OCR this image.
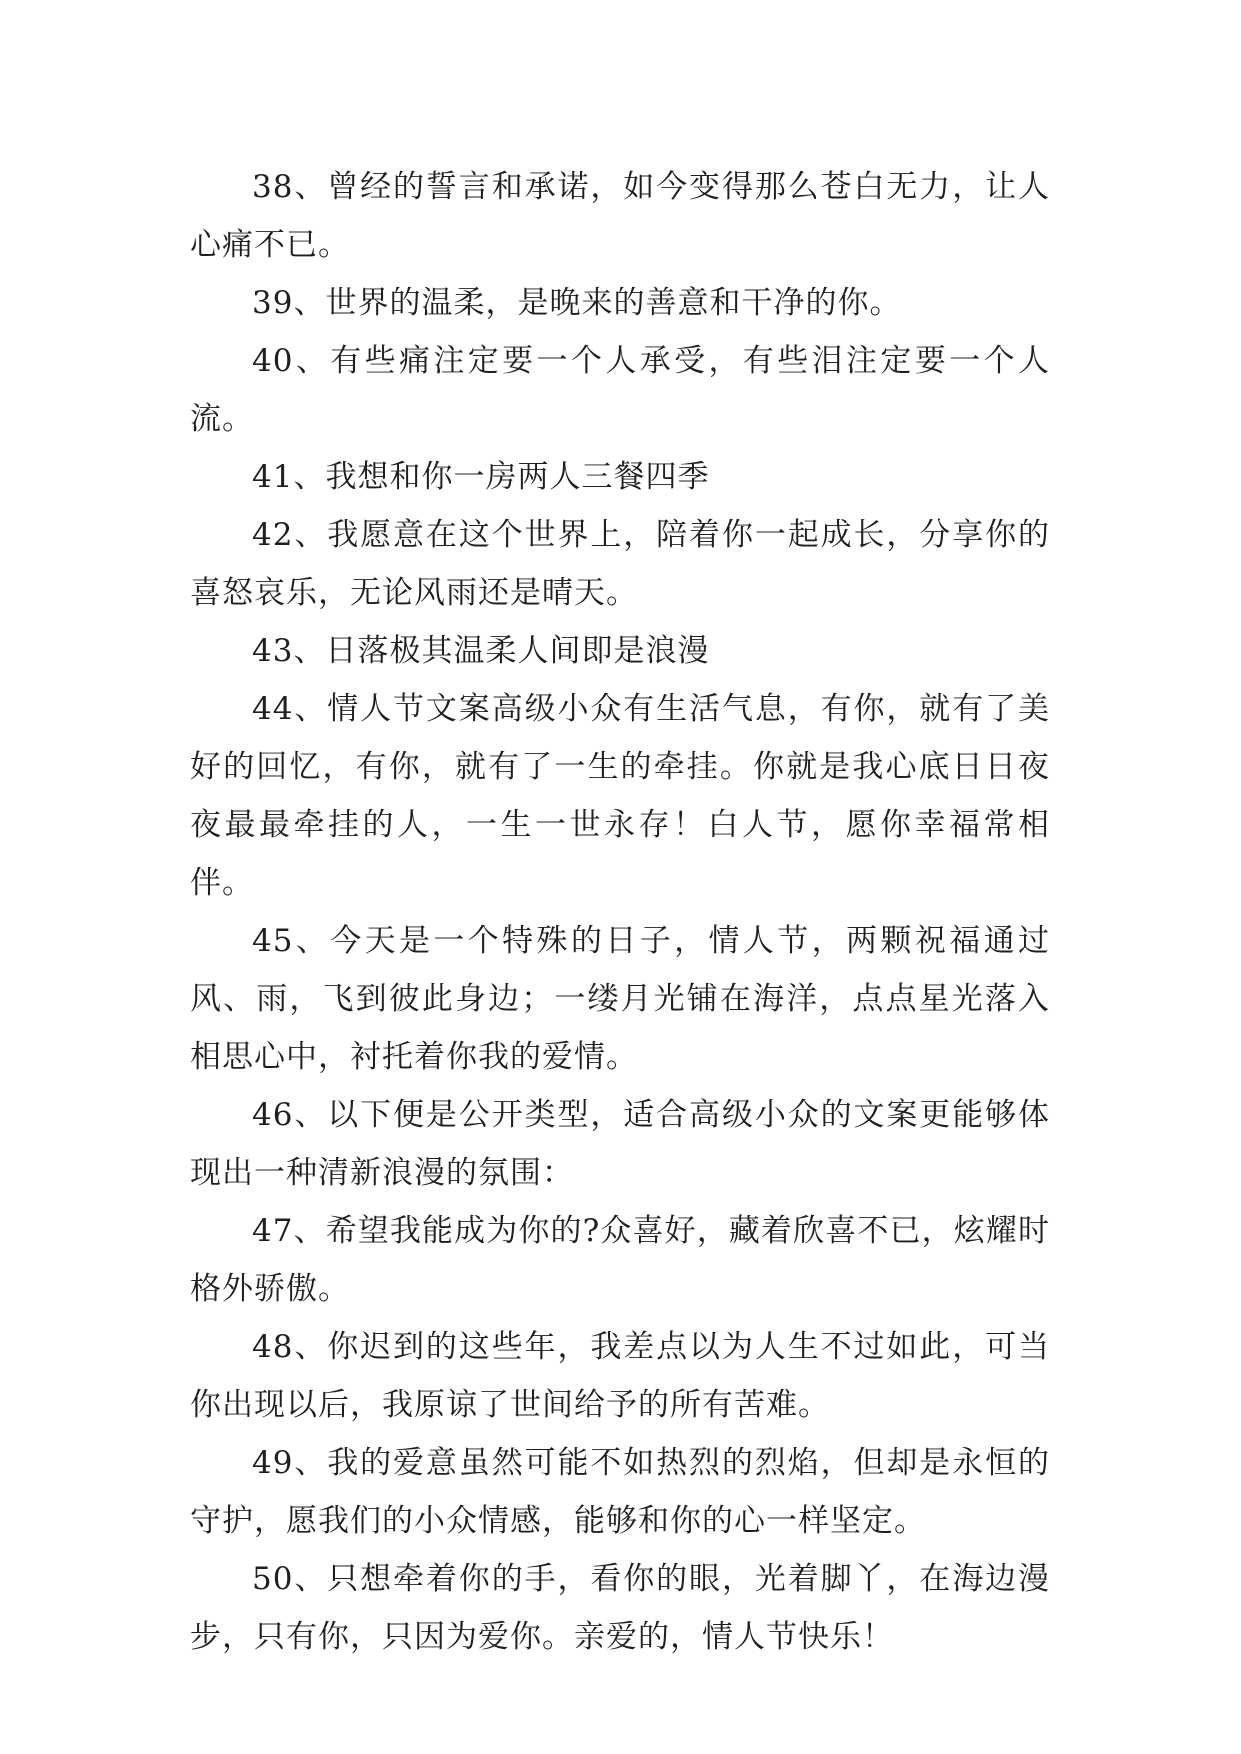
38、曾经的誓言和承诺，如今变得那么苍白无力，让人心痛不已。

39、世界的温柔，是晚来的善意和干净的你。

40、有些痛注定要一个人承受，有些泪注定要一个人流。

41、我想和你一房两人三餐四季

42、我愿意在这个世界上，陪着你一起成长，分享你的喜怒哀乐，无论风雨还是晴天。

43、日落极其温柔人间即是浪漫

44、情人节文案高级小众有生活气息，有你，就有了美好的回忆，有你，就有了一生的牵挂。你就是我心底日日夜夜最最牵挂的人，一生一世永存！白人节，愿你幸福常相伴。

45、今天是一个特殊的日子，情人节，两颗祝福通过风、雨，飞到彼此身边；一缕月光铺在海洋，点点星光落入相思心中，衬托着你我的爱情。

46、以下便是公开类型，适合高级小众的文案更能够体现出一种清新浪漫的氛围：

47、希望我能成为你的?众喜好，藏着欣喜不已，炫耀时格外骄傲。

48、你迟到的这些年，我差点以为人生不过如此，可当你出现以后，我原谅了世间给予的所有苦难。

49、我的爱意虽然可能不如热烈的烈焰，但却是永恒的守护，愿我们的小众情感，能够和你的心一样坚定。

50、只想牵着你的手，看你的眼，光着脚丫，在海边漫步，只有你，只因为爱你。亲爱的，情人节快乐！
